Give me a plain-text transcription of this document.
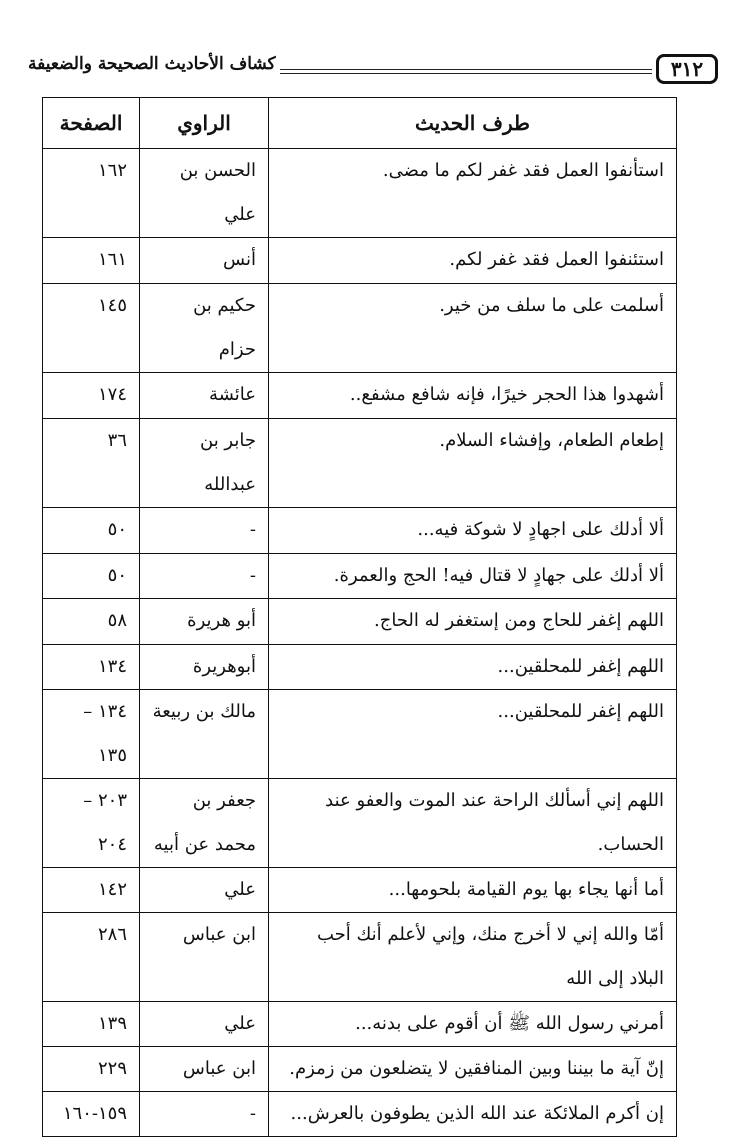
٣١٢
كشاف الأحاديث الصحيحة والضعيفة
طرف الحديث	الراوي	الصفحة
استأنفوا العمل فقد غفر لكم ما مضى.	الحسن بن علي	١٦٢
استئنفوا العمل فقد غفر لكم.	أنس	١٦١
أسلمت على ما سلف من خير.	حكيم بن حزام	١٤٥
أشهدوا هذا الحجر خيرًا، فإنه شافع مشفع..	عائشة	١٧٤
إطعام الطعام، وإفشاء السلام.	جابر بن عبدالله	٣٦
ألا أدلك على اجهادٍ لا شوكة فيه...	-	٥٠
ألا أدلك على جهادٍ لا قتال فيه! الحج والعمرة.	-	٥٠
اللهم إغفر للحاج ومن إستغفر له الحاج.	أبو هريرة	٥٨
اللهم إغفر للمحلقين...	أبوهريرة	١٣٤
اللهم إغفر للمحلقين...	مالك بن ربيعة	١٣٤ – ١٣٥
اللهم إني أسألك الراحة عند الموت والعفو عند الحساب.	جعفر بن محمد عن أبيه	٢٠٣ – ٢٠٤
أما أنها يجاء بها يوم القيامة بلحومها...	علي	١٤٢
أمّا والله إني لا أخرج منك، وإني لأعلم أنك أحب البلاد إلى الله	ابن عباس	٢٨٦
أمرني رسول الله ﷺ أن أقوم على بدنه...	علي	١٣٩
إنّ آية ما بيننا وبين المنافقين لا يتضلعون من زمزم.	ابن عباس	٢٢٩
إن أكرم الملائكة عند الله الذين يطوفون بالعرش...	-	١٥٩-١٦٠
